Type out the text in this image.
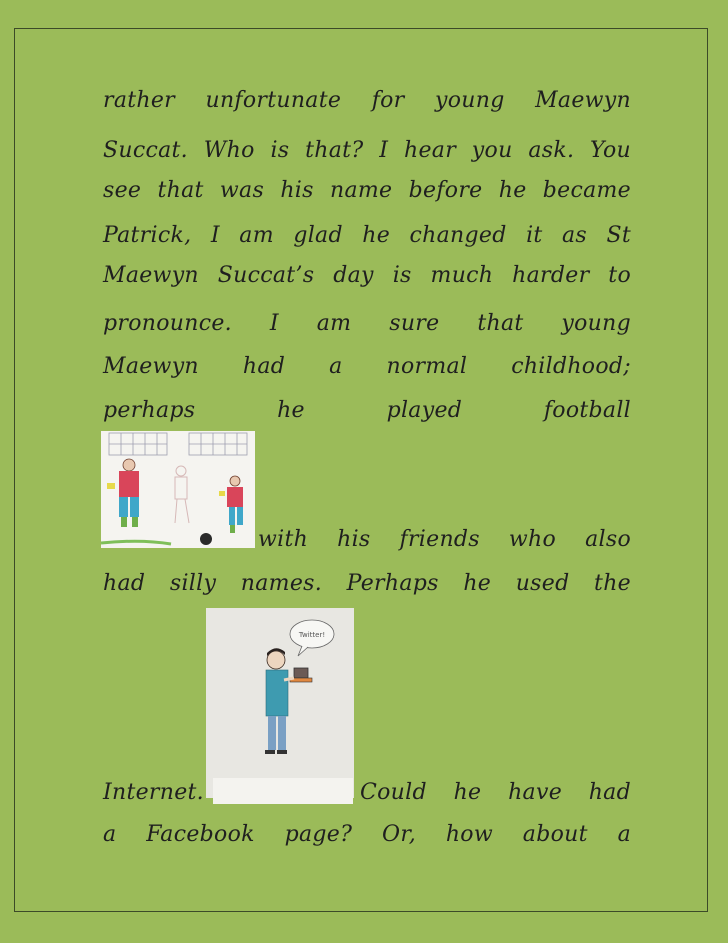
rather unfortunate for young Maewyn
Succat. Who is that? I hear you ask. You
see that was his name before he became
Patrick, I am glad he changed it as St
Maewyn Succat’s day is much harder to
pronounce. I am sure that young
Maewyn had a normal childhood;
perhaps he played football
with his friends who also
had silly names. Perhaps he used the
Twitter!
Internet.	Could he have had
a Facebook page? Or, how about a
